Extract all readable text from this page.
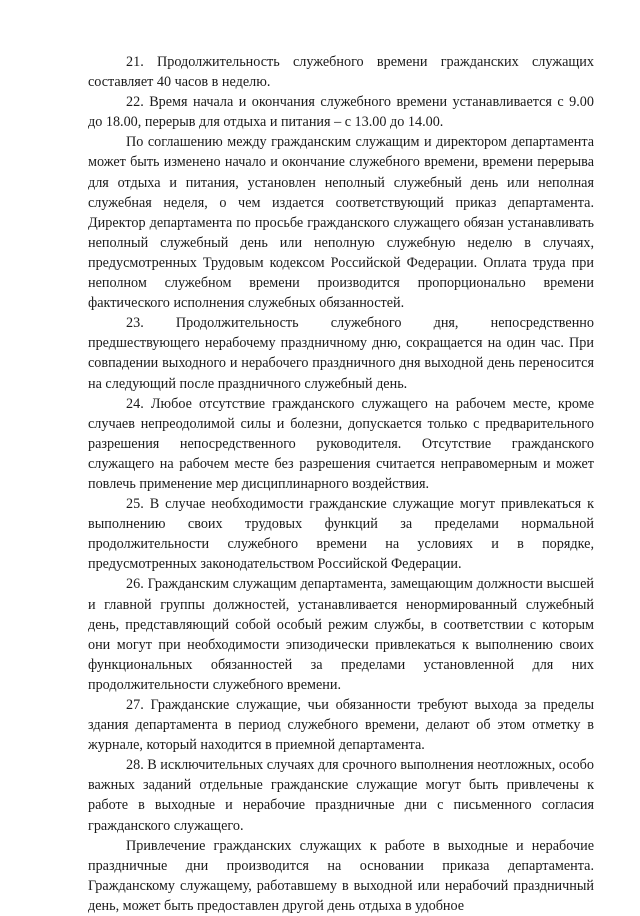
21. Продолжительность служебного времени гражданских служащих составляет 40 часов в неделю.

22. Время начала и окончания служебного времени устанавливается с 9.00 до 18.00, перерыв для отдыха и питания – с 13.00 до 14.00.

По соглашению между гражданским служащим и директором департамента может быть изменено начало и окончание служебного времени, времени перерыва для отдыха и питания, установлен неполный служебный день или неполная служебная неделя, о чем издается соответствующий приказ департамента. Директор департамента по просьбе гражданского служащего обязан устанавливать неполный служебный день или неполную служебную неделю в случаях, предусмотренных Трудовым кодексом Российской Федерации. Оплата труда при неполном служебном времени производится пропорционально времени фактического исполнения служебных обязанностей.

23. Продолжительность служебного дня, непосредственно предшествующего нерабочему праздничному дню, сокращается на один час. При совпадении выходного и нерабочего праздничного дня выходной день переносится на следующий после праздничного служебный день.

24. Любое отсутствие гражданского служащего на рабочем месте, кроме случаев непреодолимой силы и болезни, допускается только с предварительного разрешения непосредственного руководителя. Отсутствие гражданского служащего на рабочем месте без разрешения считается неправомерным и может повлечь применение мер дисциплинарного воздействия.

25. В случае необходимости гражданские служащие могут привлекаться к выполнению своих трудовых функций за пределами нормальной продолжительности служебного времени на условиях и в порядке, предусмотренных законодательством Российской Федерации.

26. Гражданским служащим департамента, замещающим должности высшей и главной группы должностей, устанавливается ненормированный служебный день, представляющий собой особый режим службы, в соответствии с которым они могут при необходимости эпизодически привлекаться к выполнению своих функциональных обязанностей за пределами установленной для них продолжительности служебного времени.

27. Гражданские служащие, чьи обязанности требуют выхода за пределы здания департамента в период служебного времени, делают об этом отметку в журнале, который находится в приемной департамента.

28. В исключительных случаях для срочного выполнения неотложных, особо важных заданий отдельные гражданские служащие могут быть привлечены к работе в выходные и нерабочие праздничные дни с письменного согласия гражданского служащего.

Привлечение гражданских служащих к работе в выходные и нерабочие праздничные дни производится на основании приказа департамента. Гражданскому служащему, работавшему в выходной или нерабочий праздничный день, может быть предоставлен другой день отдыха в удобное
